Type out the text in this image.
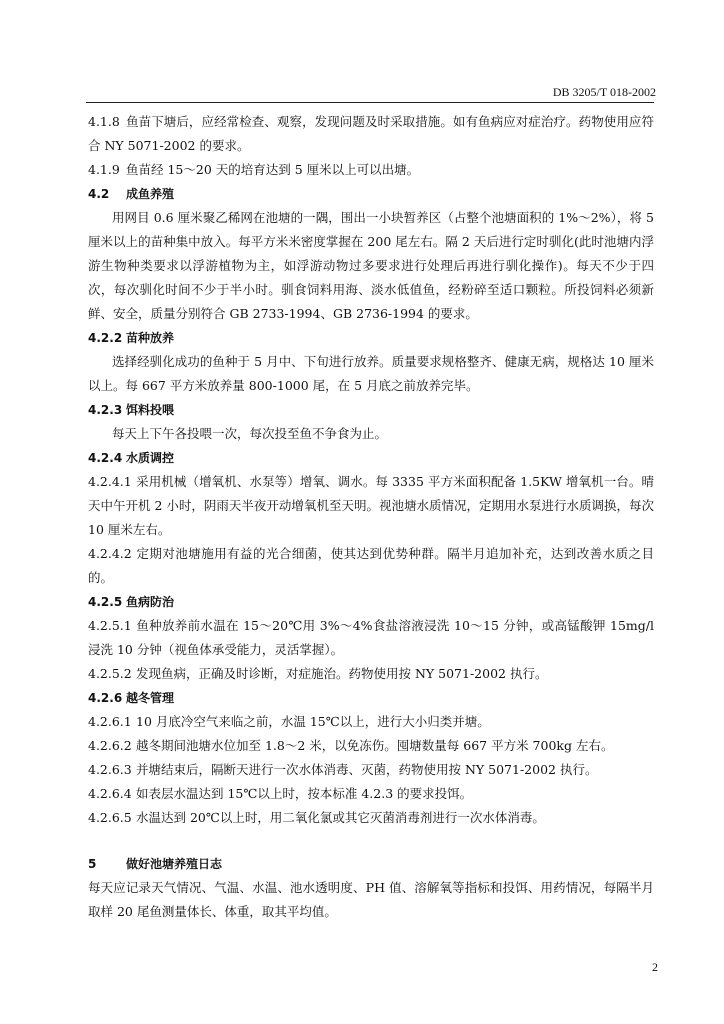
DB 3205/T 018-2002

4.1.8 鱼苗下塘后，应经常检查、观察，发现问题及时采取措施。如有鱼病应对症治疗。药物使用应符合 NY 5071-2002 的要求。

4.1.9 鱼苗经 15～20 天的培育达到 5 厘米以上可以出塘。

4.2 成鱼养殖

用网目 0.6 厘米聚乙稀网在池塘的一隅，围出一小块暂养区（占整个池塘面积的 1%～2%），将 5 厘米以上的苗种集中放入。每平方米米密度掌握在 200 尾左右。隔 2 天后进行定时驯化(此时池塘内浮游生物种类要求以浮游植物为主，如浮游动物过多要求进行处理后再进行驯化操作)。每天不少于四次，每次驯化时间不少于半小时。驯食饲料用海、淡水低值鱼，经粉碎至适口颗粒。所投饲料必须新鲜、安全，质量分别符合 GB 2733-1994、GB 2736-1994 的要求。

4.2.2 苗种放养

选择经驯化成功的鱼种于 5 月中、下旬进行放养。质量要求规格整齐、健康无病，规格达 10 厘米以上。每 667 平方米放养量 800-1000 尾，在 5 月底之前放养完毕。

4.2.3 饵料投喂

每天上下午各投喂一次，每次投至鱼不争食为止。

4.2.4 水质调控

4.2.4.1 采用机械（增氧机、水泵等）增氧、调水。每 3335 平方米面积配备 1.5KW 增氧机一台。晴天中午开机 2 小时，阴雨天半夜开动增氧机至天明。视池塘水质情况，定期用水泵进行水质调换，每次 10 厘米左右。

4.2.4.2 定期对池塘施用有益的光合细菌，使其达到优势种群。隔半月追加补充，达到改善水质之目的。

4.2.5 鱼病防治

4.2.5.1 鱼种放养前水温在 15～20℃用 3%～4%食盐溶液浸洗 10～15 分钟，或高锰酸钾 15mg/l 浸洗 10 分钟（视鱼体承受能力，灵活掌握）。

4.2.5.2 发现鱼病，正确及时诊断，对症施治。药物使用按 NY 5071-2002 执行。

4.2.6 越冬管理

4.2.6.1 10 月底冷空气来临之前，水温 15℃以上，进行大小归类并塘。

4.2.6.2 越冬期间池塘水位加至 1.8～2 米，以免冻伤。囤塘数量每 667 平方米 700kg 左右。

4.2.6.3 并塘结束后，隔断天进行一次水体消毒、灭菌，药物使用按 NY 5071-2002 执行。

4.2.6.4 如表层水温达到 15℃以上时，按本标准 4.2.3 的要求投饵。

4.2.6.5 水温达到 20℃以上时，用二氧化氯或其它灭菌消毒剂进行一次水体消毒。

5 做好池塘养殖日志

每天应记录天气情况、气温、水温、池水透明度、PH 值、溶解氧等指标和投饵、用药情况，每隔半月取样 20 尾鱼测量体长、体重，取其平均值。

2
